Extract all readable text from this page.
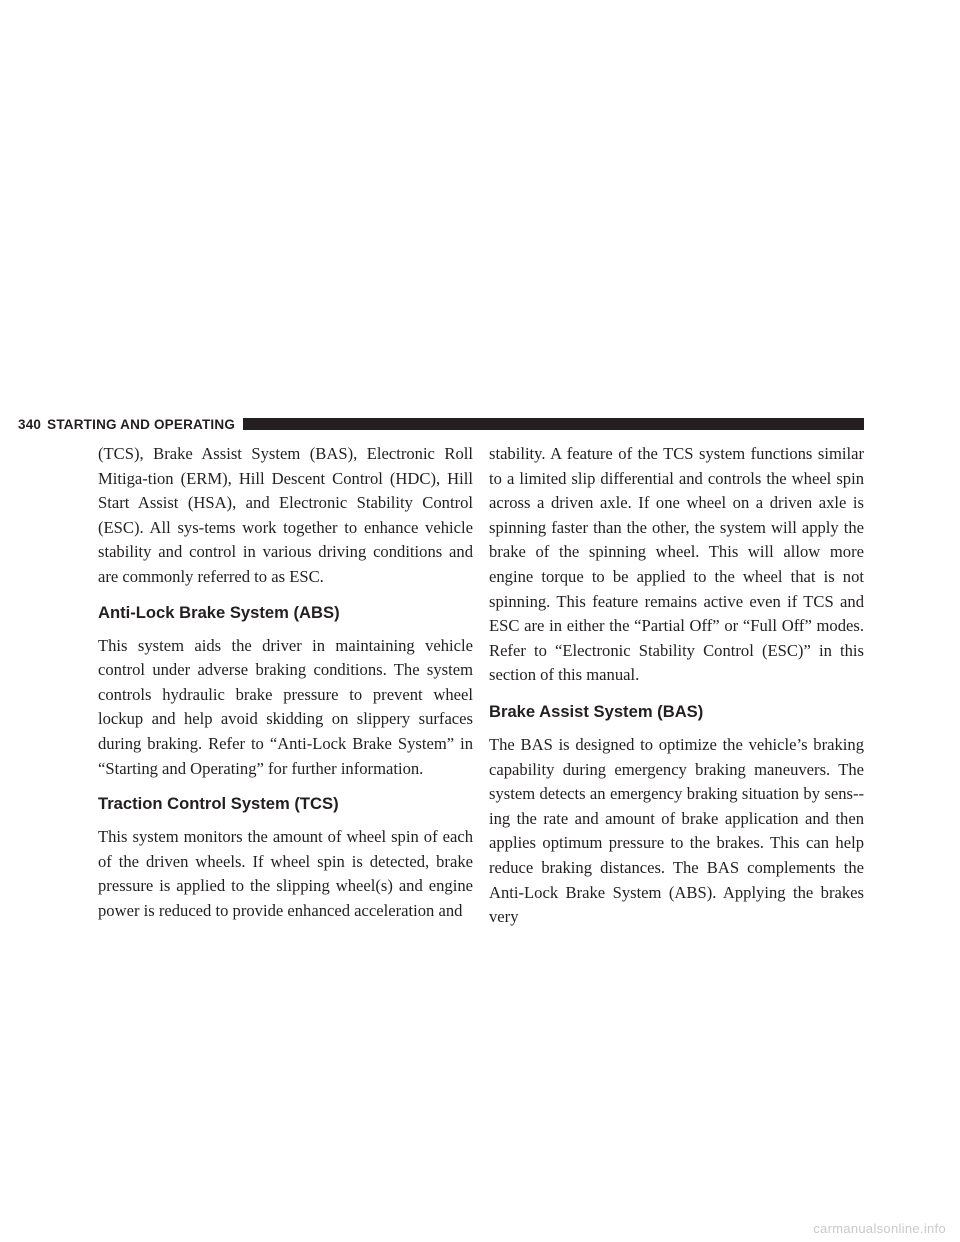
340 STARTING AND OPERATING

(TCS), Brake Assist System (BAS), Electronic Roll Mitiga-tion (ERM), Hill Descent Control (HDC), Hill Start Assist (HSA), and Electronic Stability Control (ESC). All sys-tems work together to enhance vehicle stability and control in various driving conditions and are commonly referred to as ESC.

Anti-Lock Brake System (ABS)

This system aids the driver in maintaining vehicle control under adverse braking conditions. The system controls hydraulic brake pressure to prevent wheel lockup and help avoid skidding on slippery surfaces during braking. Refer to “Anti-Lock Brake System” in “Starting and Operating” for further information.

Traction Control System (TCS)

This system monitors the amount of wheel spin of each of the driven wheels. If wheel spin is detected, brake pressure is applied to the slipping wheel(s) and engine power is reduced to provide enhanced acceleration and

stability. A feature of the TCS system functions similar to a limited slip differential and controls the wheel spin across a driven axle. If one wheel on a driven axle is spinning faster than the other, the system will apply the brake of the spinning wheel. This will allow more engine torque to be applied to the wheel that is not spinning. This feature remains active even if TCS and ESC are in either the “Partial Off” or “Full Off” modes. Refer to “Electronic Stability Control (ESC)” in this section of this manual.

Brake Assist System (BAS)

The BAS is designed to optimize the vehicle’s braking capability during emergency braking maneuvers. The system detects an emergency braking situation by sens-ing the rate and amount of brake application and then applies optimum pressure to the brakes. This can help reduce braking distances. The BAS complements the Anti-Lock Brake System (ABS). Applying the brakes very

carmanualsonline.info
